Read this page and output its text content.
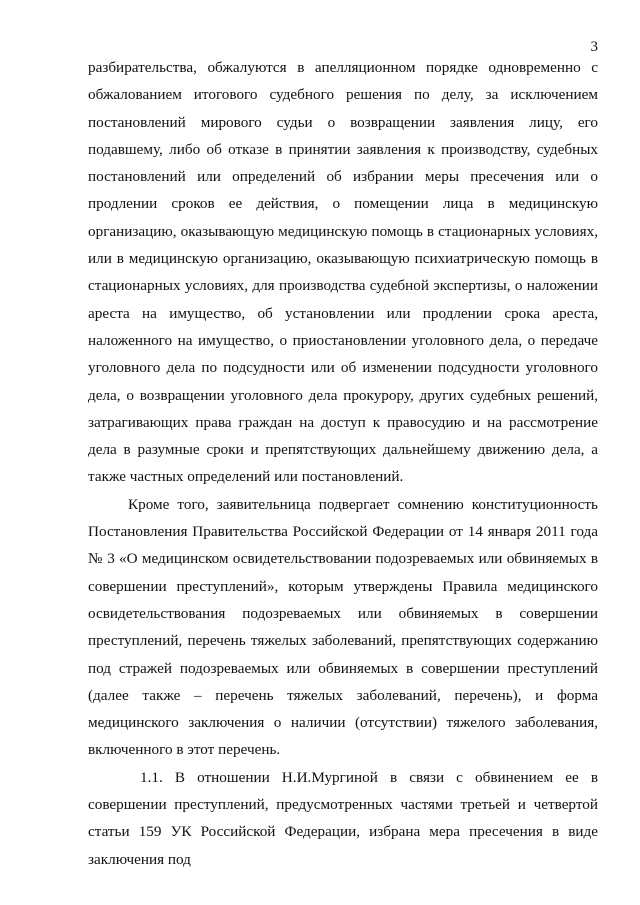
3

разбирательства, обжалуются в апелляционном порядке одновременно с обжалованием итогового судебного решения по делу, за исключением постановлений мирового судьи о возвращении заявления лицу, его подавшему, либо об отказе в принятии заявления к производству, судебных постановлений или определений об избрании меры пресечения или о продлении сроков ее действия, о помещении лица в медицинскую организацию, оказывающую медицинскую помощь в стационарных условиях, или в медицинскую организацию, оказывающую психиатрическую помощь в стационарных условиях, для производства судебной экспертизы, о наложении ареста на имущество, об установлении или продлении срока ареста, наложенного на имущество, о приостановлении уголовного дела, о передаче уголовного дела по подсудности или об изменении подсудности уголовного дела, о возвращении уголовного дела прокурору, других судебных решений, затрагивающих права граждан на доступ к правосудию и на рассмотрение дела в разумные сроки и препятствующих дальнейшему движению дела, а также частных определений или постановлений.

Кроме того, заявительница подвергает сомнению конституционность Постановления Правительства Российской Федерации от 14 января 2011 года № 3 «О медицинском освидетельствовании подозреваемых или обвиняемых в совершении преступлений», которым утверждены Правила медицинского освидетельствования подозреваемых или обвиняемых в совершении преступлений, перечень тяжелых заболеваний, препятствующих содержанию под стражей подозреваемых или обвиняемых в совершении преступлений (далее также – перечень тяжелых заболеваний, перечень), и форма медицинского заключения о наличии (отсутствии) тяжелого заболевания, включенного в этот перечень.

1.1. В отношении Н.И.Мургиной в связи с обвинением ее в совершении преступлений, предусмотренных частями третьей и четвертой статьи 159 УК Российской Федерации, избрана мера пресечения в виде заключения под
